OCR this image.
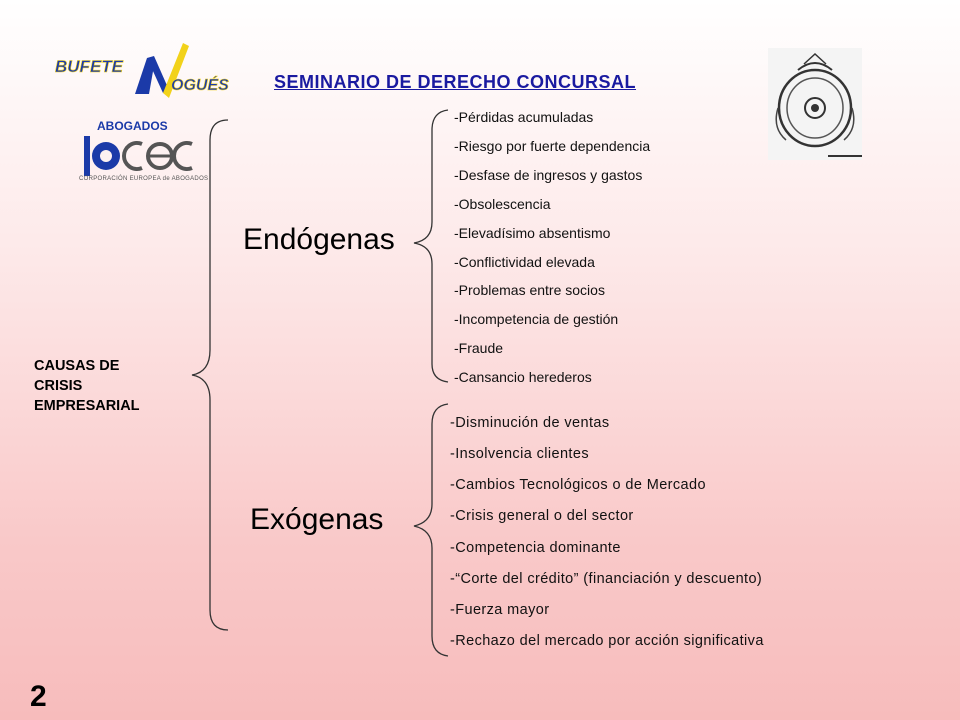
BUFETE
OGUÉS
ABOGADOS
CORPORACIÓN EUROPEA de ABOGADOS
SEMINARIO DE DERECHO CONCURSAL
CAUSAS DE
CRISIS
EMPRESARIAL
Endógenas
Exógenas
-Pérdidas acumuladas
-Riesgo por fuerte dependencia
-Desfase de ingresos y gastos
-Obsolescencia
-Elevadísimo absentismo
-Conflictividad elevada
-Problemas entre socios
-Incompetencia de gestión
-Fraude
-Cansancio herederos
-Disminución de ventas
-Insolvencia clientes
-Cambios Tecnológicos o de Mercado
-Crisis general o del sector
-Competencia dominante
-“Corte del crédito” (financiación y descuento)
-Fuerza mayor
-Rechazo del mercado por acción significativa
2
